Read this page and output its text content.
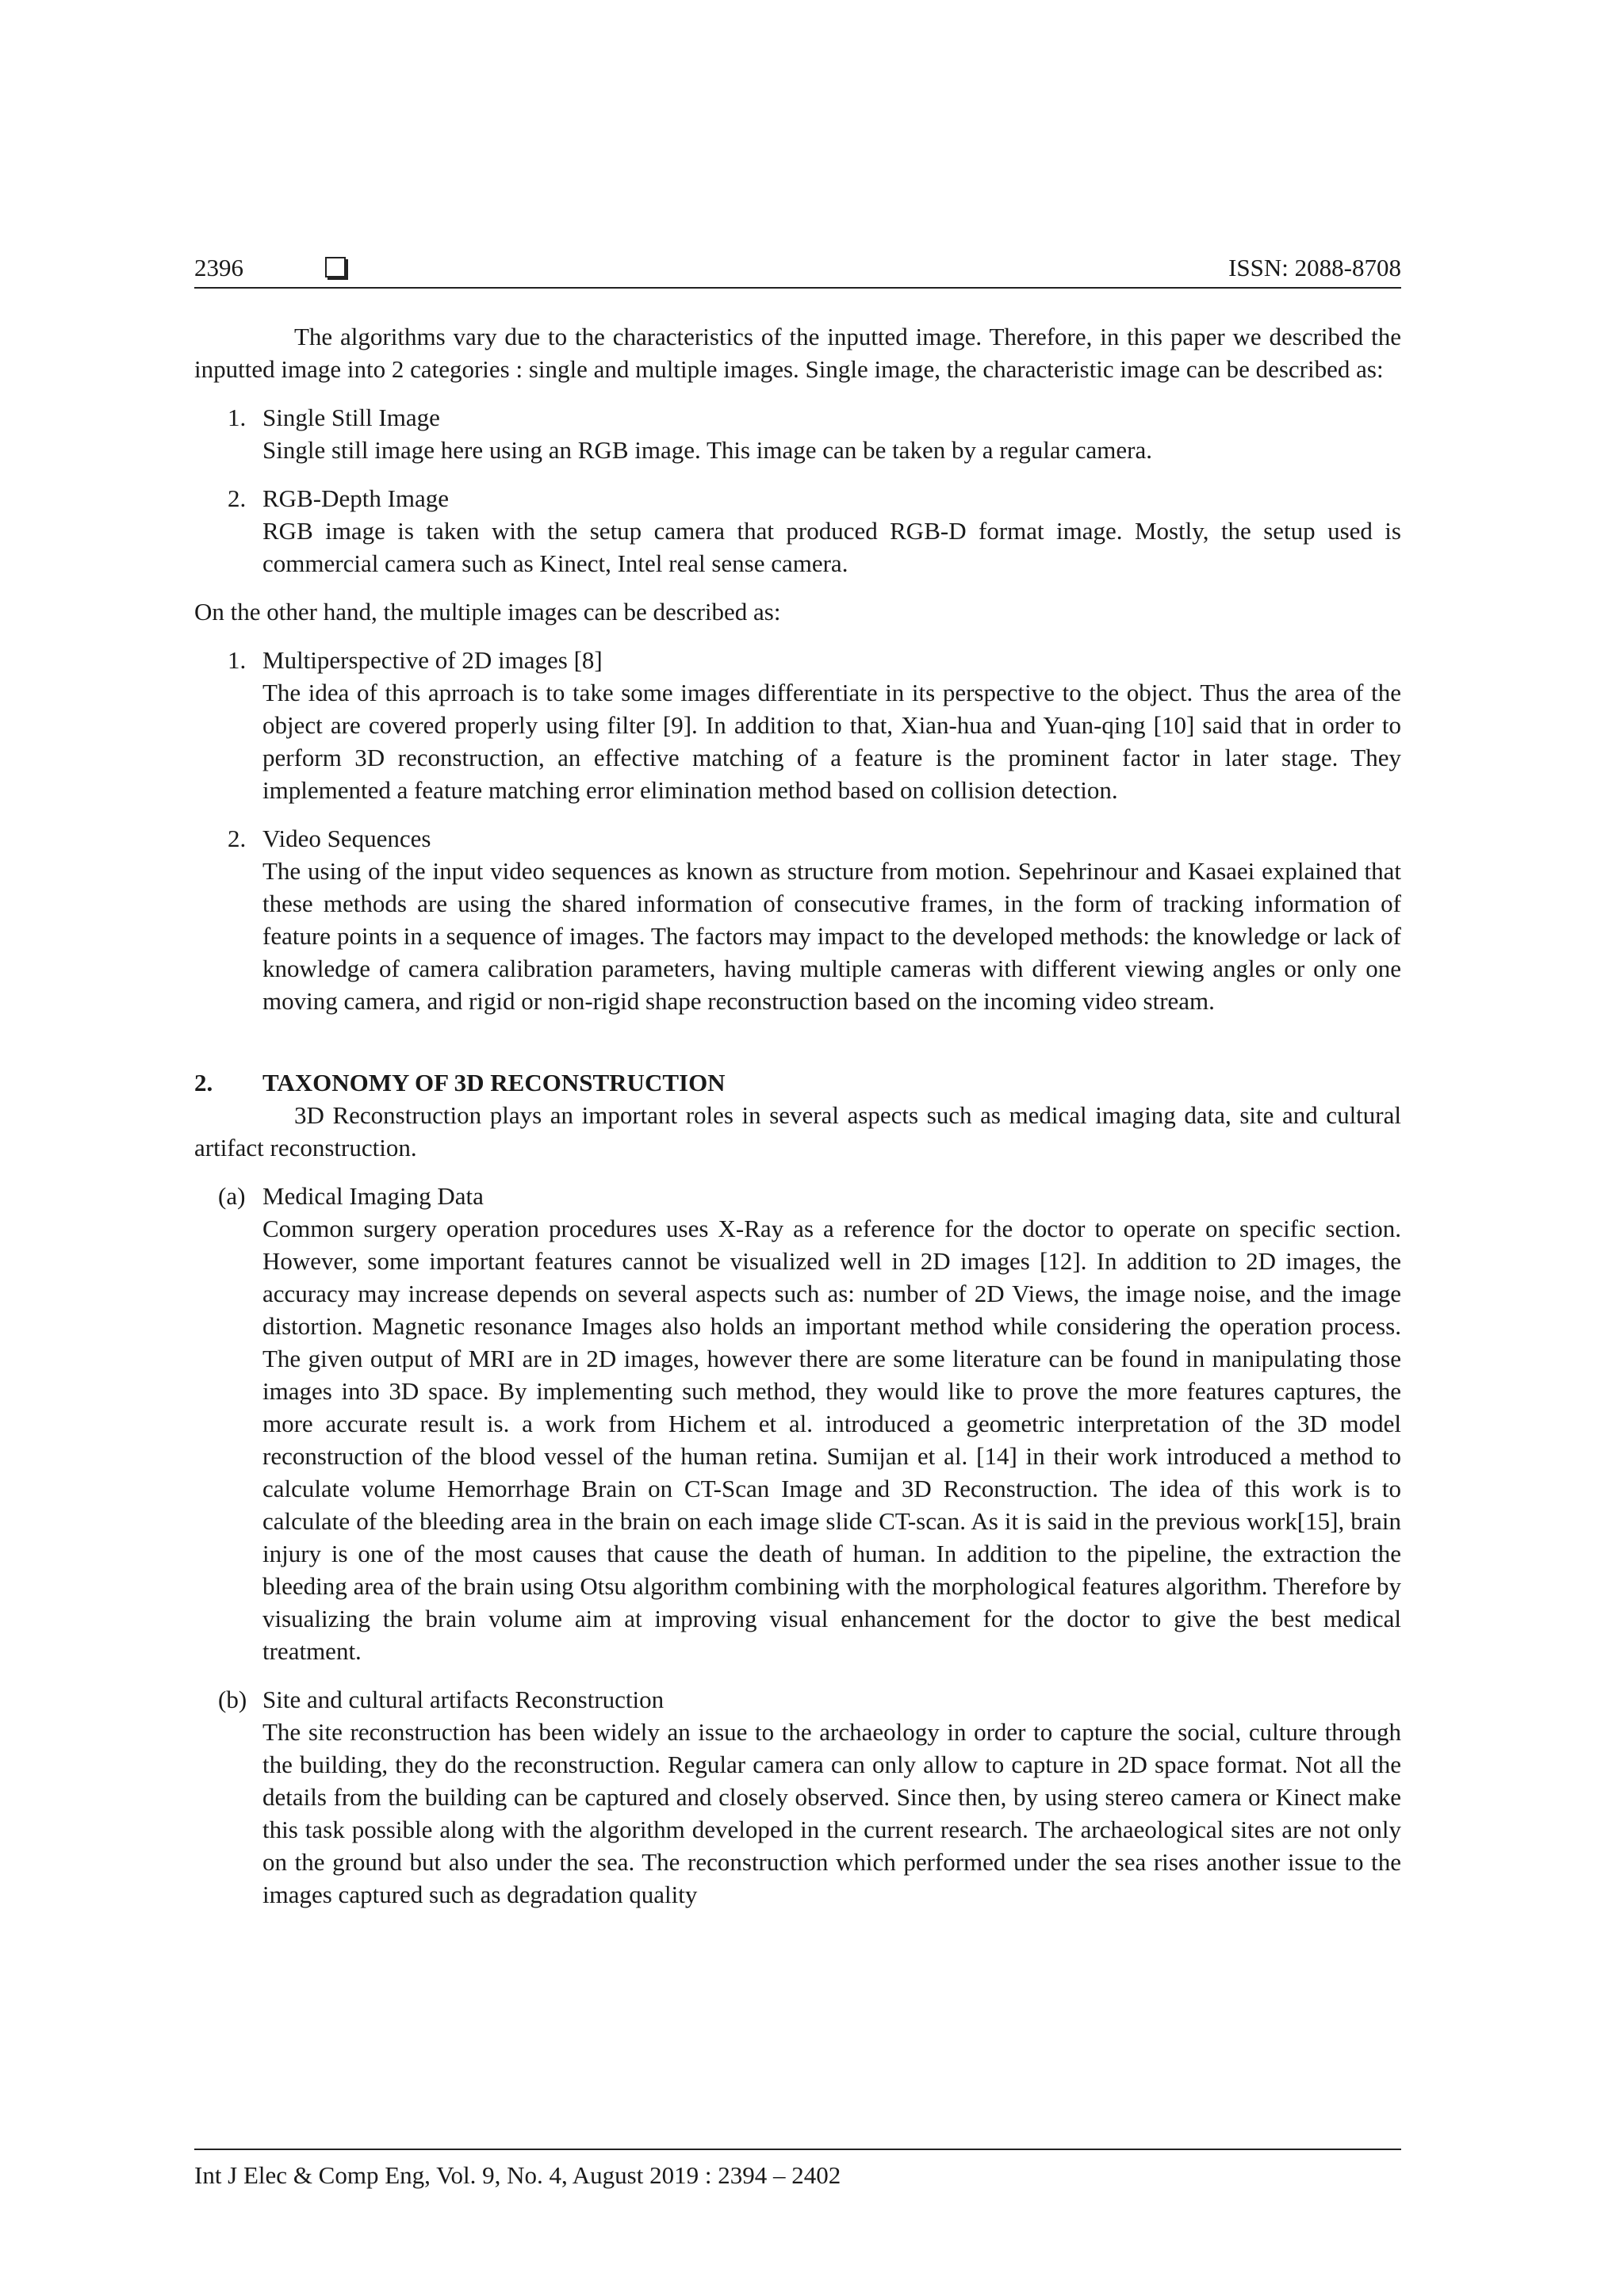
2396	ISSN: 2088-8708

The algorithms vary due to the characteristics of the inputted image. Therefore, in this paper we described the inputted image into 2 categories : single and multiple images. Single image, the characteristic image can be described as:

1. Single Still Image
Single still image here using an RGB image. This image can be taken by a regular camera.
2. RGB-Depth Image
RGB image is taken with the setup camera that produced RGB-D format image. Mostly, the setup used is commercial camera such as Kinect, Intel real sense camera.

On the other hand, the multiple images can be described as:

1. Multiperspective of 2D images [8]
The idea of this aprroach is to take some images differentiate in its perspective to the object. Thus the area of the object are covered properly using filter [9]. In addition to that, Xian-hua and Yuan-qing [10] said that in order to perform 3D reconstruction, an effective matching of a feature is the prominent factor in later stage. They implemented a feature matching error elimination method based on collision detection.
2. Video Sequences
The using of the input video sequences as known as structure from motion. Sepehrinour and Kasaei explained that these methods are using the shared information of consecutive frames, in the form of tracking information of feature points in a sequence of images. The factors may impact to the developed methods: the knowledge or lack of knowledge of camera calibration parameters, having multiple cameras with different viewing angles or only one moving camera, and rigid or non-rigid shape reconstruction based on the incoming video stream.
2. TAXONOMY OF 3D RECONSTRUCTION

3D Reconstruction plays an important roles in several aspects such as medical imaging data, site and cultural artifact reconstruction.

(a) Medical Imaging Data
Common surgery operation procedures uses X-Ray as a reference for the doctor to operate on specific section. However, some important features cannot be visualized well in 2D images [12]. In addition to 2D images, the accuracy may increase depends on several aspects such as: number of 2D Views, the image noise, and the image distortion. Magnetic resonance Images also holds an important method while considering the operation process. The given output of MRI are in 2D images, however there are some literature can be found in manipulating those images into 3D space. By implementing such method, they would like to prove the more features captures, the more accurate result is. a work from Hichem et al. introduced a geometric interpretation of the 3D model reconstruction of the blood vessel of the human retina. Sumijan et al. [14] in their work introduced a method to calculate volume Hemorrhage Brain on CT-Scan Image and 3D Reconstruction. The idea of this work is to calculate of the bleeding area in the brain on each image slide CT-scan. As it is said in the previous work[15], brain injury is one of the most causes that cause the death of human. In addition to the pipeline, the extraction the bleeding area of the brain using Otsu algorithm combining with the morphological features algorithm. Therefore by visualizing the brain volume aim at improving visual enhancement for the doctor to give the best medical treatment.
(b) Site and cultural artifacts Reconstruction
The site reconstruction has been widely an issue to the archaeology in order to capture the social, culture through the building, they do the reconstruction. Regular camera can only allow to capture in 2D space format. Not all the details from the building can be captured and closely observed. Since then, by using stereo camera or Kinect make this task possible along with the algorithm developed in the current research. The archaeological sites are not only on the ground but also under the sea. The reconstruction which performed under the sea rises another issue to the images captured such as degradation quality
Int J Elec & Comp Eng, Vol. 9, No. 4, August 2019 : 2394 – 2402
